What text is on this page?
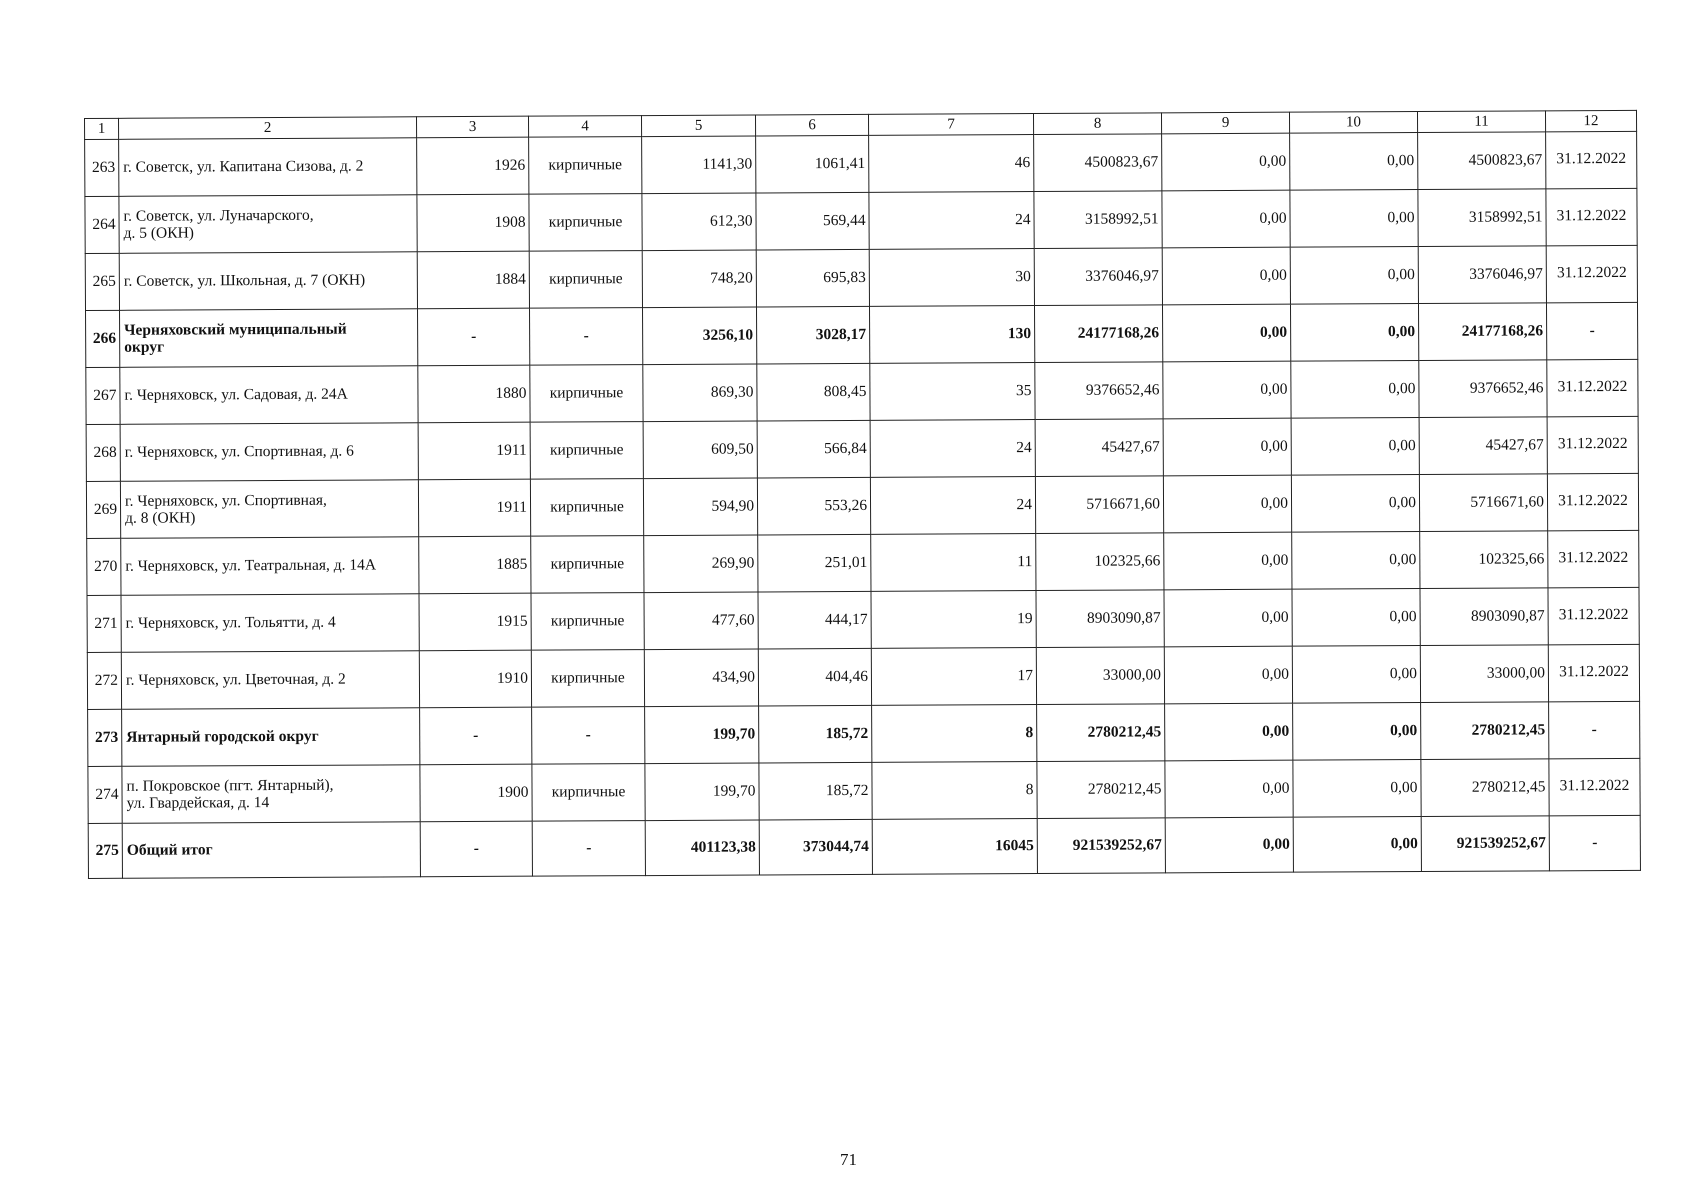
1	2	3	4	5	6	7	8	9	10	11	12
263	г. Советск, ул. Капитана Сизова, д. 2	1926	кирпичные	1141,30	1061,41	46	4500823,67	0,00	0,00	4500823,67	31.12.2022
264	г. Советск, ул. Луначарского,
д. 5 (ОКН)	1908	кирпичные	612,30	569,44	24	3158992,51	0,00	0,00	3158992,51	31.12.2022
265	г. Советск, ул. Школьная, д. 7 (ОКН)	1884	кирпичные	748,20	695,83	30	3376046,97	0,00	0,00	3376046,97	31.12.2022
266	Черняховский муниципальный
округ	-	-	3256,10	3028,17	130	24177168,26	0,00	0,00	24177168,26	-
267	г. Черняховск, ул. Садовая, д. 24А	1880	кирпичные	869,30	808,45	35	9376652,46	0,00	0,00	9376652,46	31.12.2022
268	г. Черняховск, ул. Спортивная, д. 6	1911	кирпичные	609,50	566,84	24	45427,67	0,00	0,00	45427,67	31.12.2022
269	г. Черняховск, ул. Спортивная,
д. 8 (ОКН)	1911	кирпичные	594,90	553,26	24	5716671,60	0,00	0,00	5716671,60	31.12.2022
270	г. Черняховск, ул. Театральная, д. 14А	1885	кирпичные	269,90	251,01	11	102325,66	0,00	0,00	102325,66	31.12.2022
271	г. Черняховск, ул. Тольятти, д. 4	1915	кирпичные	477,60	444,17	19	8903090,87	0,00	0,00	8903090,87	31.12.2022
272	г. Черняховск, ул. Цветочная, д. 2	1910	кирпичные	434,90	404,46	17	33000,00	0,00	0,00	33000,00	31.12.2022
273	Янтарный городской округ	-	-	199,70	185,72	8	2780212,45	0,00	0,00	2780212,45	-
274	п. Покровское (пгт. Янтарный),
ул. Гвардейская, д. 14	1900	кирпичные	199,70	185,72	8	2780212,45	0,00	0,00	2780212,45	31.12.2022
275	Общий итог	-	-	401123,38	373044,74	16045	921539252,67	0,00	0,00	921539252,67	-
71
